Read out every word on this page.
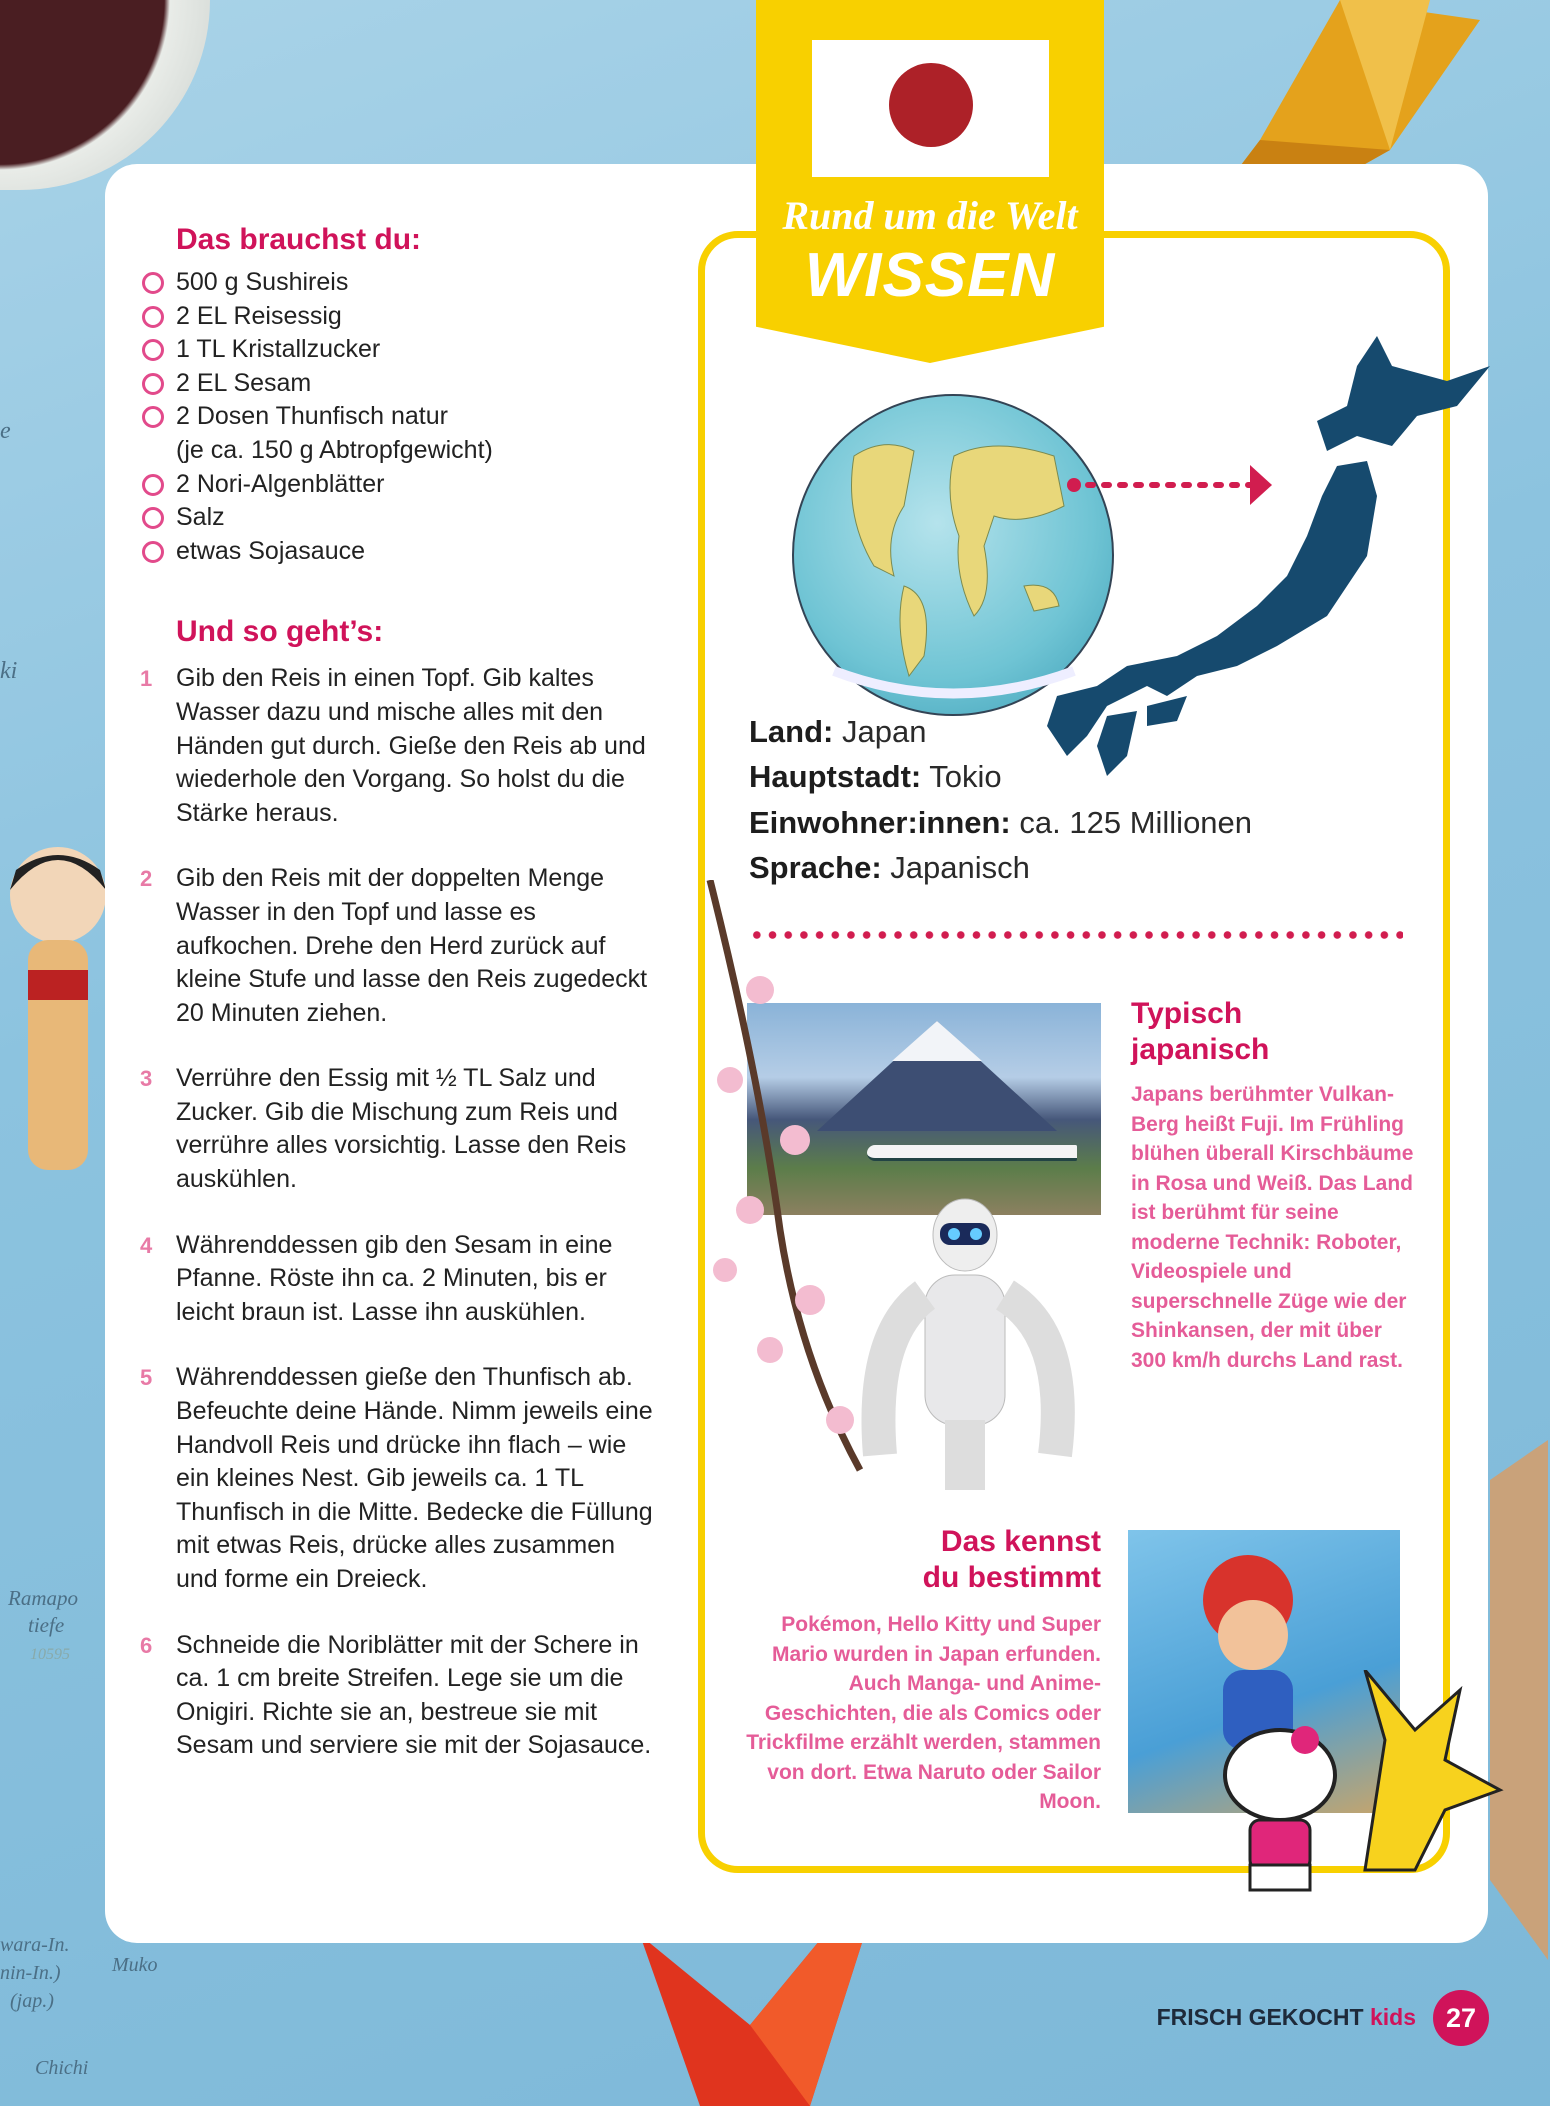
e
ki
Ramapo
tiefe
10595
wara-In.
nin-In.)
(jap.)
Muko
Chichi
Rund um die Welt
WISSEN
Das brauchst du:
500 g Sushireis
2 EL Reisessig
1 TL Kristallzucker
2 EL Sesam
2 Dosen Thunfisch natur
(je ca. 150 g Abtropfgewicht)
2 Nori-Algenblätter
Salz
etwas Sojasauce
Und so geht’s:
1 Gib den Reis in einen Topf. Gib kaltes Wasser dazu und mische alles mit den Händen gut durch. Gieße den Reis ab und wiederhole den Vorgang. So holst du die Stärke heraus.
2 Gib den Reis mit der doppelten Menge Wasser in den Topf und lasse es aufkochen. Drehe den Herd zurück auf kleine Stufe und lasse den Reis zugedeckt 20 Minuten ziehen.
3 Verrühre den Essig mit ½ TL Salz und Zucker. Gib die Mischung zum Reis und verrühre alles vorsichtig. Lasse den Reis auskühlen.
4 Währenddessen gib den Sesam in eine Pfanne. Röste ihn ca. 2 Minuten, bis er leicht braun ist. Lasse ihn auskühlen.
5 Währenddessen gieße den Thunfisch ab. Befeuchte deine Hände. Nimm jeweils eine Handvoll Reis und drücke ihn flach – wie ein kleines Nest. Gib jeweils ca. 1 TL Thunfisch in die Mitte. Bedecke die Füllung mit etwas Reis, drücke alles zusammen und forme ein Dreieck.
6 Schneide die Noriblätter mit der Schere in ca. 1 cm breite Streifen. Lege sie um die Onigiri. Richte sie an, bestreue sie mit Sesam und serviere sie mit der Sojasauce.
Land: Japan
Hauptstadt: Tokio
Einwohner:innen: ca. 125 Millionen
Sprache: Japanisch
Typisch
japanisch
Japans berühmter Vulkan-Berg heißt Fuji. Im Frühling blühen überall Kirschbäume in Rosa und Weiß. Das Land ist berühmt für seine moderne Technik: Roboter, Videospiele und superschnelle Züge wie der Shinkansen, der mit über 300 km/h durchs Land rast.
Das kennst
du bestimmt
Pokémon, Hello Kitty und Super Mario wurden in Japan erfunden. Auch Manga- und Anime-Geschichten, die als Comics oder Trickfilme erzählt werden, stammen von dort. Etwa Naruto oder Sailor Moon.
FRISCH GEKOCHT kids	27
